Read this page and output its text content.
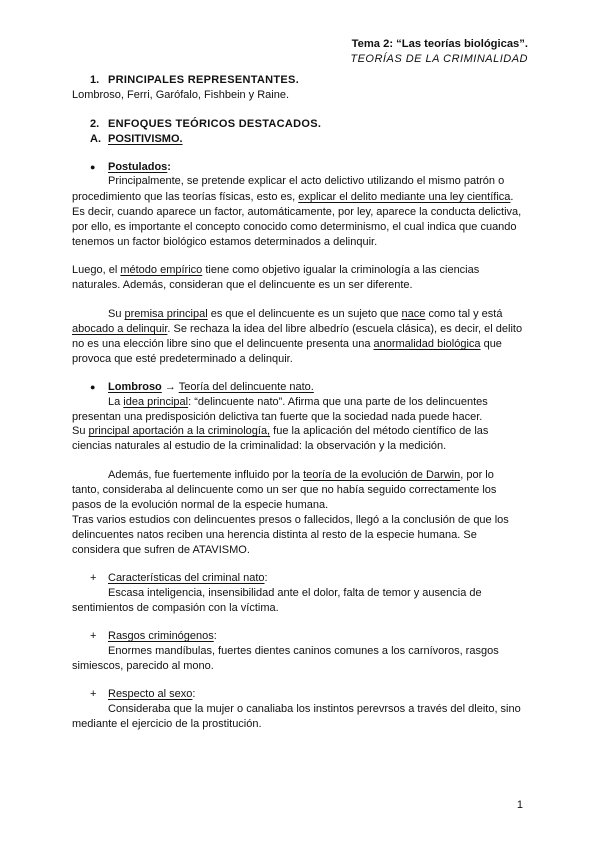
Tema 2: “Las teorías biológicas”.
TEORÍAS DE LA CRIMINALIDAD
1. PRINCIPALES REPRESENTANTES.
Lombroso, Ferri, Garófalo, Fishbein y Raine.
2. ENFOQUES TEÓRICOS DESTACADOS.
A. POSITIVISMO.
● Postulados:
Principalmente, se pretende explicar el acto delictivo utilizando el mismo patrón o
procedimiento que las teorías físicas, esto es, explicar el delito mediante una ley científica.
Es decir, cuando aparece un factor, automáticamente, por ley, aparece la conducta delictiva,
por ello, es importante el concepto conocido como determinismo, el cual indica que cuando
tenemos un factor biológico estamos determinados a delinquir.
Luego, el método empírico tiene como objetivo igualar la criminología a las ciencias
naturales. Además, consideran que el delincuente es un ser diferente.
Su premisa principal es que el delincuente es un sujeto que nace como tal y está
abocado a delinquir. Se rechaza la idea del libre albedrío (escuela clásica), es decir, el delito
no es una elección libre sino que el delincuente presenta una anormalidad biológica que
provoca que esté predeterminado a delinquir.
● Lombroso → Teoría del delincuente nato.
La idea principal: “delincuente nato”. Afirma que una parte de los delincuentes
presentan una predisposición delictiva tan fuerte que la sociedad nada puede hacer.
Su principal aportación a la criminología, fue la aplicación del método científico de las
ciencias naturales al estudio de la criminalidad: la observación y la medición.
Además, fue fuertemente influido por la teoría de la evolución de Darwin, por lo
tanto, consideraba al delincuente como un ser que no había seguido correctamente los
pasos de la evolución normal de la especie humana.
Tras varios estudios con delincuentes presos o fallecidos, llegó a la conclusión de que los
delincuentes natos reciben una herencia distinta al resto de la especie humana. Se
considera que sufren de ATAVISMO.
+ Características del criminal nato:
Escasa inteligencia, insensibilidad ante el dolor, falta de temor y ausencia de
sentimientos de compasión con la víctima.
+ Rasgos criminógenos:
Enormes mandíbulas, fuertes dientes caninos comunes a los carnívoros, rasgos
simiescos, parecido al mono.
+ Respecto al sexo:
Consideraba que la mujer o canaliaba los instintos perevrsos a través del dleito, sino
mediante el ejercicio de la prostitución.
1
